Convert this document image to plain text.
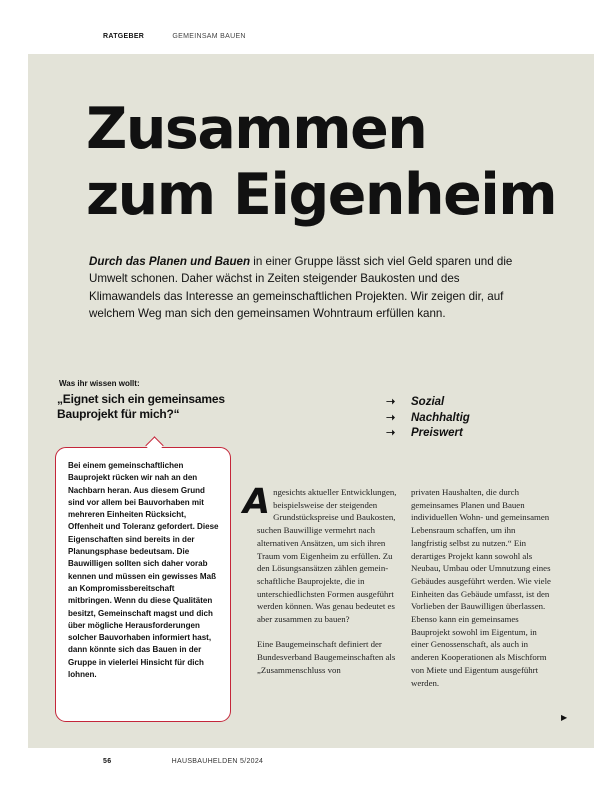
RATGEBER	GEMEINSAM BAUEN
Zusammen
zum Eigenheim

Durch das Planen und Bauen in einer Gruppe lässt sich viel Geld sparen und die Umwelt schonen. Daher wächst in Zeiten steigender Baukosten und des Klimawandels das Interesse an gemeinschaftlichen Projekten. Wir zeigen dir, auf welchem Weg man sich den gemeinsamen Wohntraum erfüllen kann.

Was ihr wissen wollt:
„Eignet sich ein gemeinsames Bauprojekt für mich?“
➝	Sozial
➝	Nachhaltig
➝	Preiswert

Bei einem gemeinschaftlichen Bauprojekt rücken wir nah an den Nachbarn heran. Aus diesem Grund sind vor allem bei Bauvorhaben mit mehreren Einheiten Rücksicht, Offenheit und Toleranz gefordert. Diese Eigenschaften sind bereits in der Planungsphase bedeutsam. Die Bauwilligen sollten sich daher vorab kennen und müssen ein gewisses Maß an Kompromissbereitschaft mitbringen. Wenn du diese Qualitäten besitzt, Gemeinschaft magst und dich über mögliche Herausforderungen solcher Bauvorhaben informiert hast, dann könnte sich das Bauen in der Gruppe in vielerlei Hinsicht für dich lohnen.

Angesichts aktueller Entwicklungen, beispielsweise der steigenden Grundstückspreise und Baukosten, suchen Bauwillige vermehrt nach alternativen Ansätzen, um sich ihren Traum vom Eigenheim zu erfüllen. Zu den Lösungsansätzen zählen gemeinschaftliche Bauprojekte, die in unterschiedlichsten Formen ausgeführt werden können. Was genau bedeutet es aber zusammen zu bauen?

Eine Baugemeinschaft definiert der Bundesverband Baugemeinschaften als „Zusammenschluss von

privaten Haushalten, die durch gemeinsames Planen und Bauen individuellen Wohn- und gemeinsamen Lebensraum schaffen, um ihn langfristig selbst zu nutzen.“ Ein derartiges Projekt kann sowohl als Neubau, Umbau oder Umnutzung eines Gebäudes ausgeführt werden. Wie viele Einheiten das Gebäude umfasst, ist den Vorlieben der Bauwilligen überlassen. Ebenso kann ein gemeinsames Bauprojekt sowohl im Eigentum, in einer Genossenschaft, als auch in anderen Kooperationen als Mischform von Miete und Eigentum ausgeführt werden.

▶
56	HAUSBAUHELDEN 5/2024
